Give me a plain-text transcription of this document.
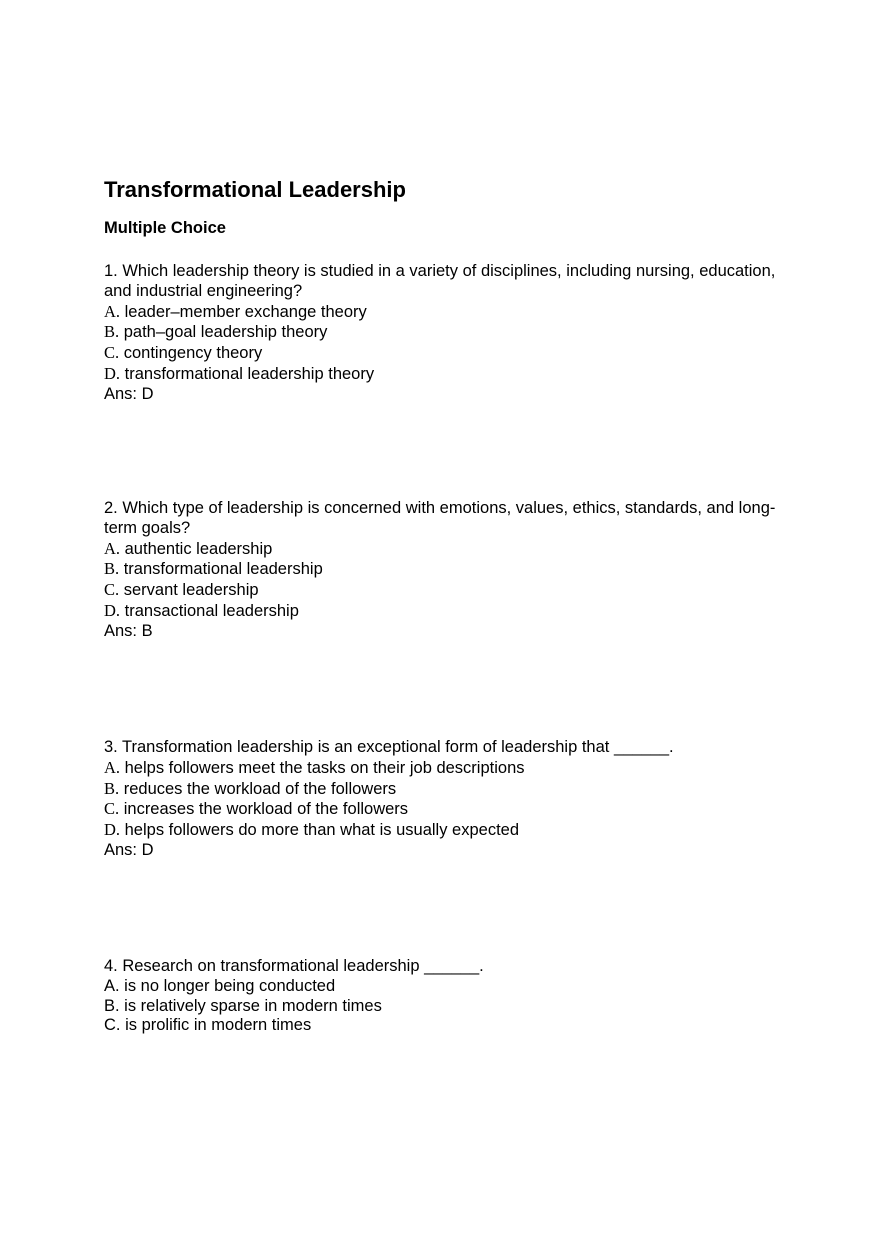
Transformational Leadership
Multiple Choice

1. Which leadership theory is studied in a variety of disciplines, including nursing, education, and industrial engineering?

A. leader–member exchange theory

B. path–goal leadership theory

C. contingency theory

D. transformational leadership theory

Ans: D

2. Which type of leadership is concerned with emotions, values, ethics, standards, and long-term goals?

A. authentic leadership

B. transformational leadership

C. servant leadership

D. transactional leadership

Ans: B

3. Transformation leadership is an exceptional form of leadership that ______.

A. helps followers meet the tasks on their job descriptions

B. reduces the workload of the followers

C. increases the workload of the followers

D. helps followers do more than what is usually expected

Ans: D

4. Research on transformational leadership ______.

A. is no longer being conducted

B. is relatively sparse in modern times

C. is prolific in modern times
